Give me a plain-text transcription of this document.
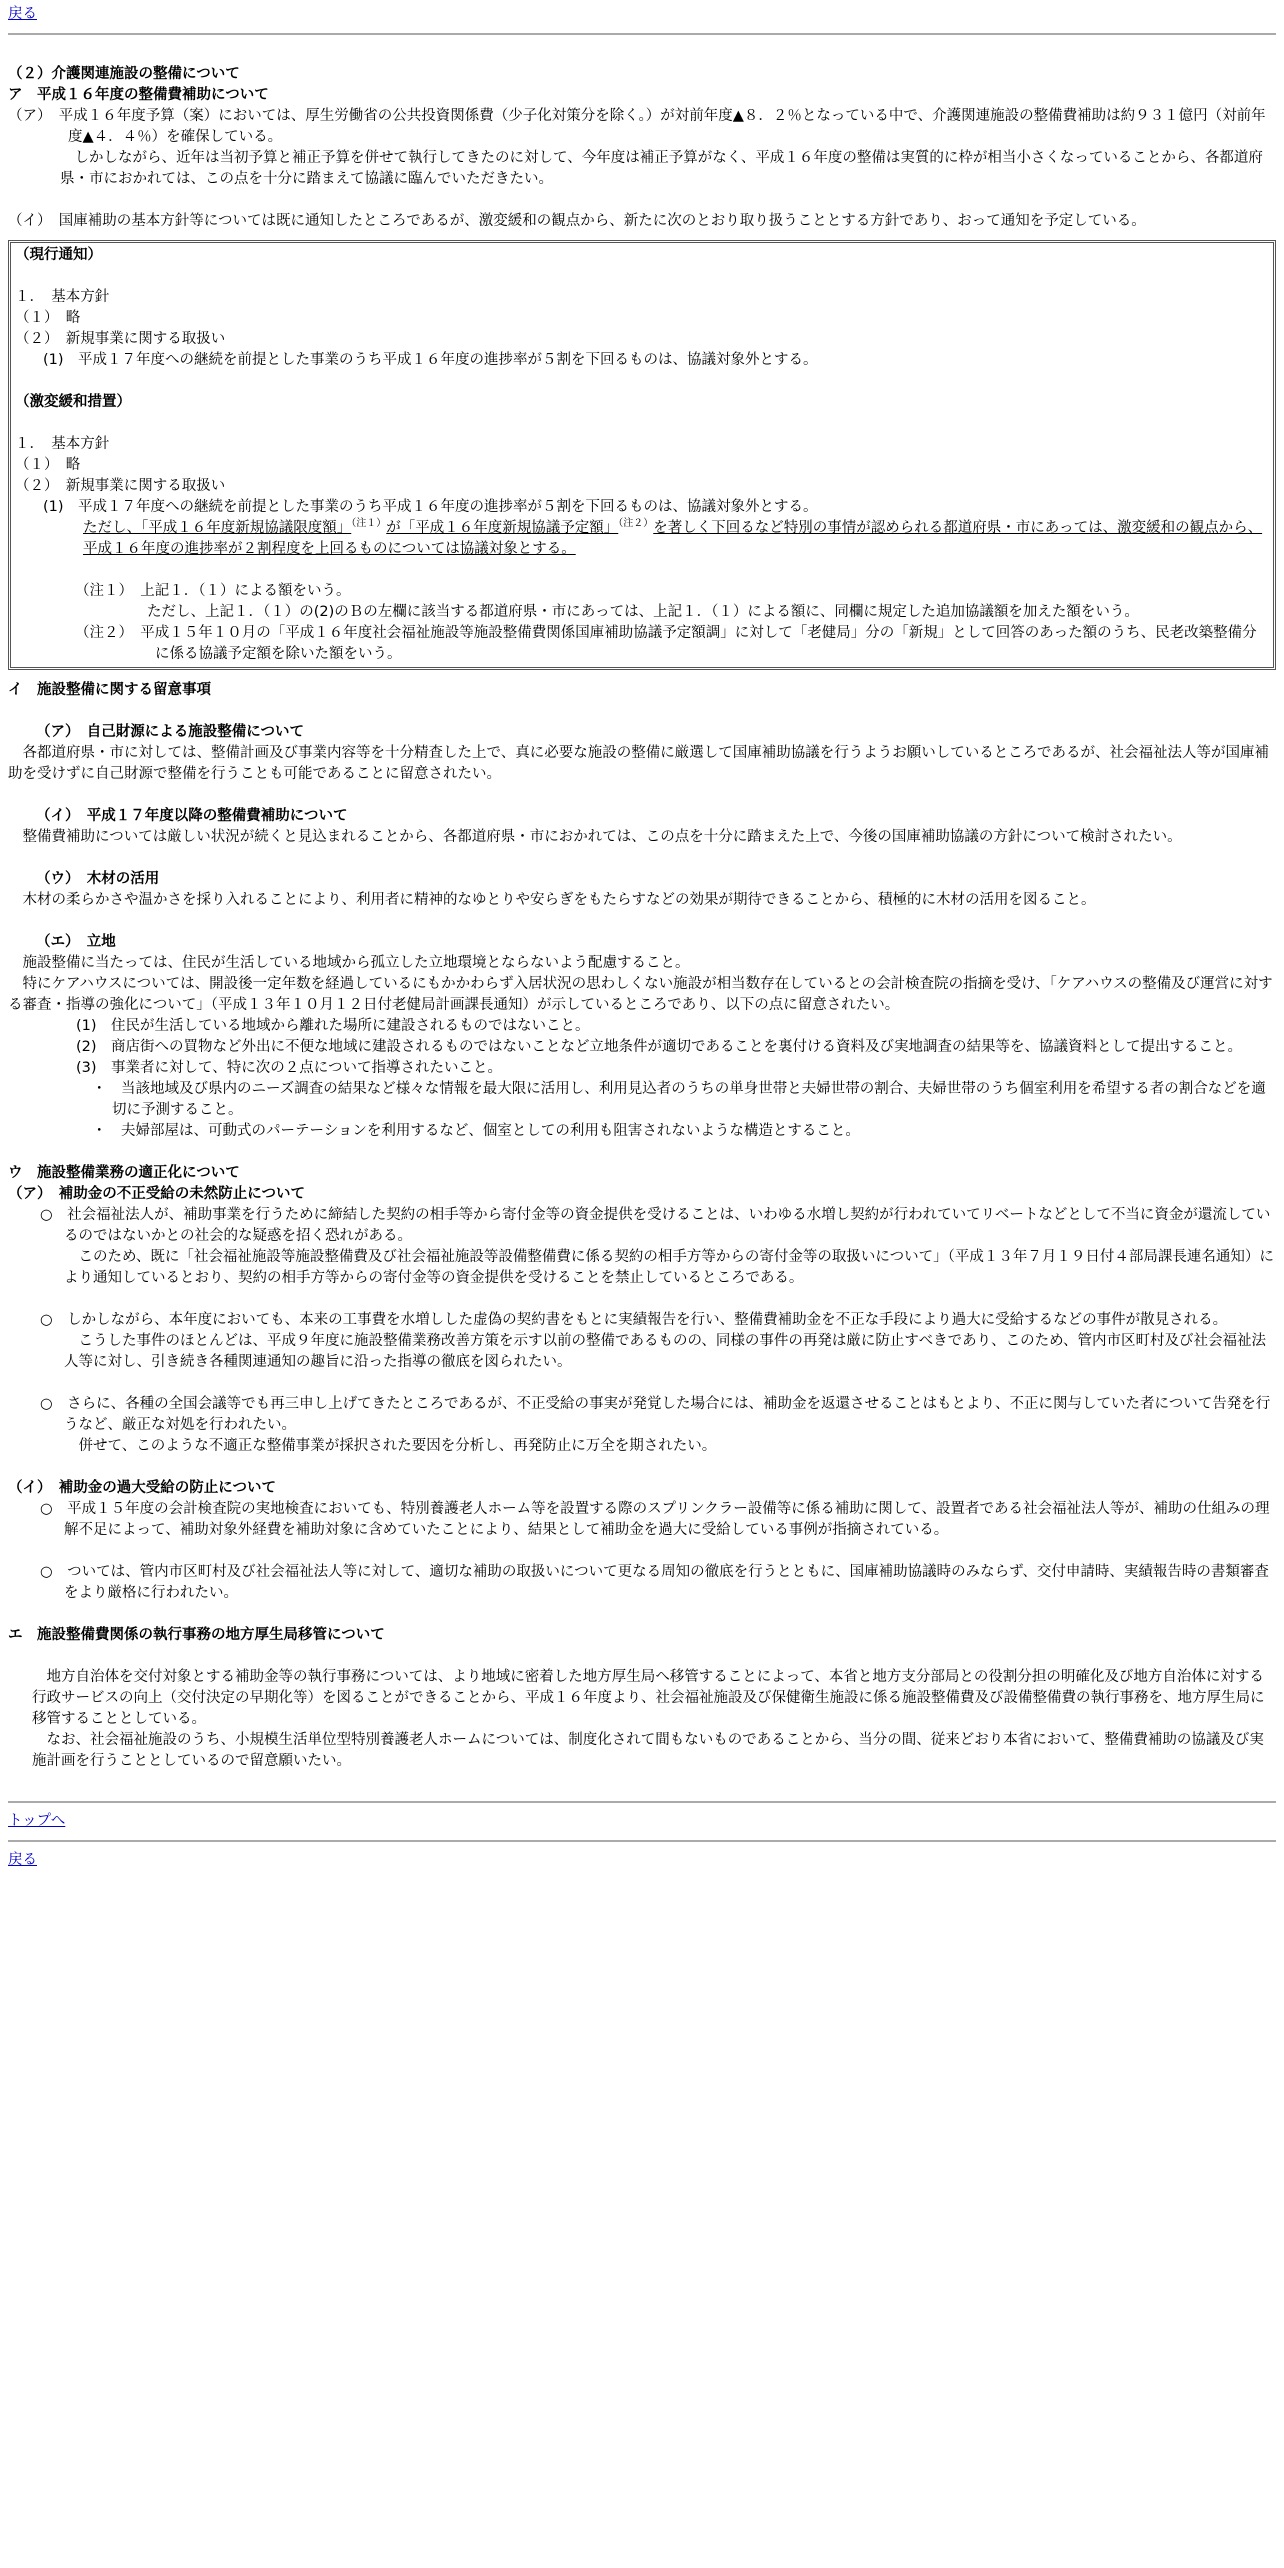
戻る

（２）介護関連施設の整備について

ア　平成１６年度の整備費補助について

（ア）　平成１６年度予算（案）においては、厚生労働省の公共投資関係費（少子化対策分を除く。）が対前年度▲８．２％となっている中で、介護関連施設の整備費補助は約９３１億円（対前年度▲４．４％）を確保している。

　しかしながら、近年は当初予算と補正予算を併せて執行してきたのに対して、今年度は補正予算がなく、平成１６年度の整備は実質的に枠が相当小さくなっていることから、各都道府県・市におかれては、この点を十分に踏まえて協議に臨んでいただきたい。

（イ）　国庫補助の基本方針等については既に通知したところであるが、激変緩和の観点から、新たに次のとおり取り扱うこととする方針であり、おって通知を予定している。

（現行通知）

１．　基本方針

（１）　略

（２）　新規事業に関する取扱い

(1)　平成１７年度への継続を前提とした事業のうち平成１６年度の進捗率が５割を下回るものは、協議対象外とする。

（激変緩和措置）

１．　基本方針

（１）　略

（２）　新規事業に関する取扱い

(1)　平成１７年度への継続を前提とした事業のうち平成１６年度の進捗率が５割を下回るものは、協議対象外とする。

ただし、「平成１６年度新規協議限度額」$^{(注1)}$が「平成１６年度新規協議予定額」$^{(注2)}$を著しく下回るなど特別の事情が認められる都道府県・市にあっては、激変緩和の観点から、平成１６年度の進捗率が２割程度を上回るものについては協議対象とする。

（注１）　上記１．（１）による額をいう。

ただし、上記１．（１）の(2)のＢの左欄に該当する都道府県・市にあっては、上記１．（１）による額に、同欄に規定した追加協議額を加えた額をいう。

（注２）　平成１５年１０月の「平成１６年度社会福祉施設等施設整備費関係国庫補助協議予定額調」に対して「老健局」分の「新規」として回答のあった額のうち、民老改築整備分に係る協議予定額を除いた額をいう。

イ　施設整備に関する留意事項

（ア）　自己財源による施設整備について

　各都道府県・市に対しては、整備計画及び事業内容等を十分精査した上で、真に必要な施設の整備に厳選して国庫補助協議を行うようお願いしているところであるが、社会福祉法人等が国庫補助を受けずに自己財源で整備を行うことも可能であることに留意されたい。

（イ）　平成１７年度以降の整備費補助について

　整備費補助については厳しい状況が続くと見込まれることから、各都道府県・市におかれては、この点を十分に踏まえた上で、今後の国庫補助協議の方針について検討されたい。

（ウ）　木材の活用

　木材の柔らかさや温かさを採り入れることにより、利用者に精神的なゆとりや安らぎをもたらすなどの効果が期待できることから、積極的に木材の活用を図ること。

（エ）　立地

　施設整備に当たっては、住民が生活している地域から孤立した立地環境とならないよう配慮すること。

　特にケアハウスについては、開設後一定年数を経過しているにもかかわらず入居状況の思わしくない施設が相当数存在しているとの会計検査院の指摘を受け、「ケアハウスの整備及び運営に対する審査・指導の強化について」（平成１３年１０月１２日付老健局計画課長通知）が示しているところであり、以下の点に留意されたい。

(1)　住民が生活している地域から離れた場所に建設されるものではないこと。

(2)　商店街への買物など外出に不便な地域に建設されるものではないことなど立地条件が適切であることを裏付ける資料及び実地調査の結果等を、協議資料として提出すること。

(3)　事業者に対して、特に次の２点について指導されたいこと。

・　当該地域及び県内のニーズ調査の結果など様々な情報を最大限に活用し、利用見込者のうちの単身世帯と夫婦世帯の割合、夫婦世帯のうち個室利用を希望する者の割合などを適切に予測すること。

・　夫婦部屋は、可動式のパーテーションを利用するなど、個室としての利用も阻害されないような構造とすること。

ウ　施設整備業務の適正化について

（ア）　補助金の不正受給の未然防止について

○　社会福祉法人が、補助事業を行うために締結した契約の相手等から寄付金等の資金提供を受けることは、いわゆる水増し契約が行われていてリベートなどとして不当に資金が還流しているのではないかとの社会的な疑惑を招く恐れがある。

　このため、既に「社会福祉施設等施設整備費及び社会福祉施設等設備整備費に係る契約の相手方等からの寄付金等の取扱いについて」（平成１３年７月１９日付４部局課長連名通知）により通知しているとおり、契約の相手方等からの寄付金等の資金提供を受けることを禁止しているところである。

○　しかしながら、本年度においても、本来の工事費を水増しした虚偽の契約書をもとに実績報告を行い、整備費補助金を不正な手段により過大に受給するなどの事件が散見される。

　こうした事件のほとんどは、平成９年度に施設整備業務改善方策を示す以前の整備であるものの、同様の事件の再発は厳に防止すべきであり、このため、管内市区町村及び社会福祉法人等に対し、引き続き各種関連通知の趣旨に沿った指導の徹底を図られたい。

○　さらに、各種の全国会議等でも再三申し上げてきたところであるが、不正受給の事実が発覚した場合には、補助金を返還させることはもとより、不正に関与していた者について告発を行うなど、厳正な対処を行われたい。

　併せて、このような不適正な整備事業が採択された要因を分析し、再発防止に万全を期されたい。

（イ）　補助金の過大受給の防止について

○　平成１５年度の会計検査院の実地検査においても、特別養護老人ホーム等を設置する際のスプリンクラー設備等に係る補助に関して、設置者である社会福祉法人等が、補助の仕組みの理解不足によって、補助対象外経費を補助対象に含めていたことにより、結果として補助金を過大に受給している事例が指摘されている。

○　ついては、管内市区町村及び社会福祉法人等に対して、適切な補助の取扱いについて更なる周知の徹底を行うとともに、国庫補助協議時のみならず、交付申請時、実績報告時の書類審査をより厳格に行われたい。

エ　施設整備費関係の執行事務の地方厚生局移管について

　地方自治体を交付対象とする補助金等の執行事務については、より地域に密着した地方厚生局へ移管することによって、本省と地方支分部局との役割分担の明確化及び地方自治体に対する行政サービスの向上（交付決定の早期化等）を図ることができることから、平成１６年度より、社会福祉施設及び保健衛生施設に係る施設整備費及び設備整備費の執行事務を、地方厚生局に移管することとしている。

　なお、社会福祉施設のうち、小規模生活単位型特別養護老人ホームについては、制度化されて間もないものであることから、当分の間、従来どおり本省において、整備費補助の協議及び実施計画を行うこととしているので留意願いたい。

トップへ
戻る
